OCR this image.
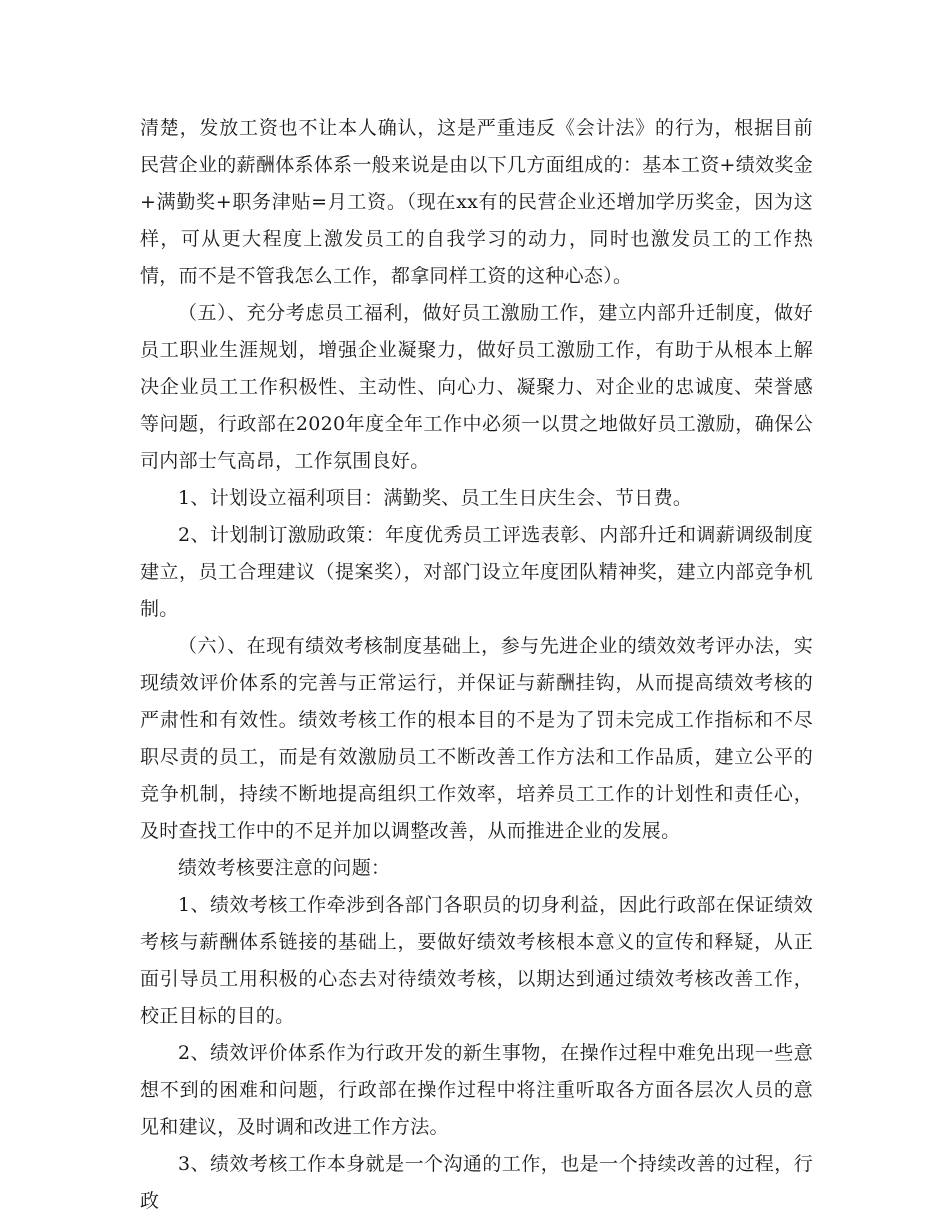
清楚，发放工资也不让本人确认，这是严重违反《会计法》的行为，根据目前民营企业的薪酬体系体系一般来说是由以下几方面组成的：基本工资+绩效奖金+满勤奖+职务津贴=月工资。（现在xx有的民营企业还增加学历奖金，因为这样，可从更大程度上激发员工的自我学习的动力，同时也激发员工的工作热情，而不是不管我怎么工作，都拿同样工资的这种心态）。

（五）、充分考虑员工福利，做好员工激励工作，建立内部升迁制度，做好员工职业生涯规划，增强企业凝聚力，做好员工激励工作，有助于从根本上解决企业员工工作积极性、主动性、向心力、凝聚力、对企业的忠诚度、荣誉感等问题，行政部在2020年度全年工作中必须一以贯之地做好员工激励，确保公司内部士气高昂，工作氛围良好。

1、计划设立福利项目：满勤奖、员工生日庆生会、节日费。

2、计划制订激励政策：年度优秀员工评选表彰、内部升迁和调薪调级制度建立，员工合理建议（提案奖），对部门设立年度团队精神奖，建立内部竞争机制。

（六）、在现有绩效考核制度基础上，参与先进企业的绩效效考评办法，实现绩效评价体系的完善与正常运行，并保证与薪酬挂钩，从而提高绩效考核的严肃性和有效性。绩效考核工作的根本目的不是为了罚未完成工作指标和不尽职尽责的员工，而是有效激励员工不断改善工作方法和工作品质，建立公平的竞争机制，持续不断地提高组织工作效率，培养员工工作的计划性和责任心，及时查找工作中的不足并加以调整改善，从而推进企业的发展。

绩效考核要注意的问题：

1、绩效考核工作牵涉到各部门各职员的切身利益，因此行政部在保证绩效考核与薪酬体系链接的基础上，要做好绩效考核根本意义的宣传和释疑，从正面引导员工用积极的心态去对待绩效考核，以期达到通过绩效考核改善工作，校正目标的目的。

2、绩效评价体系作为行政开发的新生事物，在操作过程中难免出现一些意想不到的困难和问题，行政部在操作过程中将注重听取各方面各层次人员的意见和建议，及时调和改进工作方法。

3、绩效考核工作本身就是一个沟通的工作，也是一个持续改善的过程，行政
